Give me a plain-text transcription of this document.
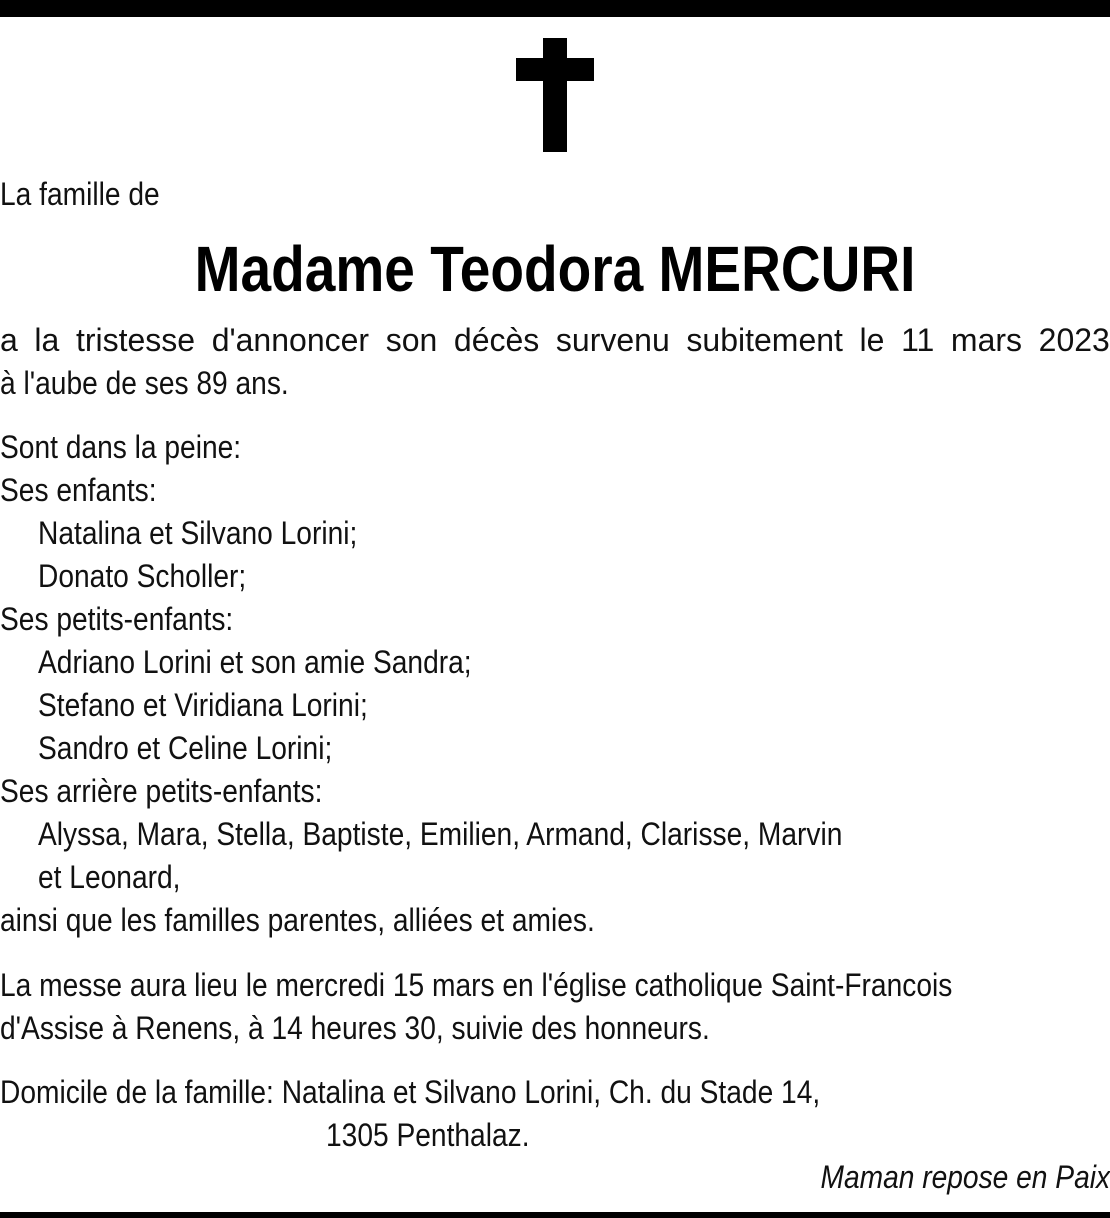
La famille de
Madame Teodora MERCURI
a la tristesse d'annoncer son décès survenu subitement le 11 mars 2023
à l'aube de ses 89 ans.
Sont dans la peine:
Ses enfants:
Natalina et Silvano Lorini;
Donato Scholler;
Ses petits-enfants:
Adriano Lorini et son amie Sandra;
Stefano et Viridiana Lorini;
Sandro et Celine Lorini;
Ses arrière petits-enfants:
Alyssa, Mara, Stella, Baptiste, Emilien, Armand, Clarisse, Marvin
et Leonard,
ainsi que les familles parentes, alliées et amies.
La messe aura lieu le mercredi 15 mars en l'église catholique Saint-Francois
d'Assise à Renens, à 14 heures 30, suivie des honneurs.
Domicile de la famille: Natalina et Silvano Lorini, Ch. du Stade 14,
1305 Penthalaz.
Maman repose en Paix
